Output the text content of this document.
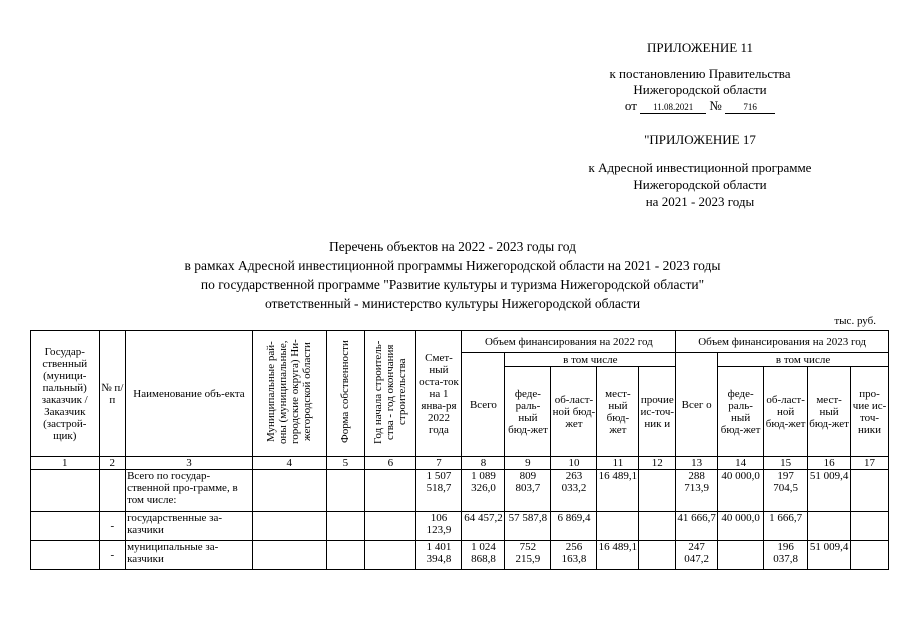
ПРИЛОЖЕНИЕ 11
к постановлению Правительства
Нижегородской области
от 11.08.2021 № 716
"ПРИЛОЖЕНИЕ 17
к Адресной инвестиционной программе
Нижегородской области
на 2021 - 2023 годы
Перечень объектов на 2022 - 2023 годы год
в рамках Адресной инвестиционной программы Нижегородской области на 2021 - 2023 годы
по государственной программе "Развитие культуры и туризма Нижегородской области"
ответственный - министерство культуры Нижегородской области
тыс. руб.
Государ-ственный (муници-пальный) заказчик / Заказчик (застрой-щик)	№ п/п	Наименование объ-екта	Муниципальные рай-оны (муниципальные, городские округа) Ни-жегородской области	Форма собственности	Год начала строитель-ства - год окончания строительства	Смет-ный оста-ток на 1 янва-ря 2022 года	Объем финансирования на 2022 год					Объем финансирования на 2023 год				
							Всего	в том числе				Всег о	в том числе			
								феде-раль-ный бюд-жет	об-ласт-ной бюд-жет	мест-ный бюд-жет	прочие ис-точ-ник и		феде-раль-ный бюд-жет	об-ласт-ной бюд-жет	мест-ный бюд-жет	про-чие ис-точ-ники
1	2	3	4	5	6	7	8	9	10	11	12	13	14	15	16	17
		Всего по государ-ственной про-грамме, в том числе:				1 507 518,7	1 089 326,0	809 803,7	263 033,2	16 489,1		288 713,9	40 000,0	197 704,5	51 009,4	
	-	государственные за-казчики				106 123,9	64 457,2	57 587,8	6 869,4			41 666,7	40 000,0	1 666,7		
	-	муниципальные за-казчики				1 401 394,8	1 024 868,8	752 215,9	256 163,8	16 489,1		247 047,2		196 037,8	51 009,4	
